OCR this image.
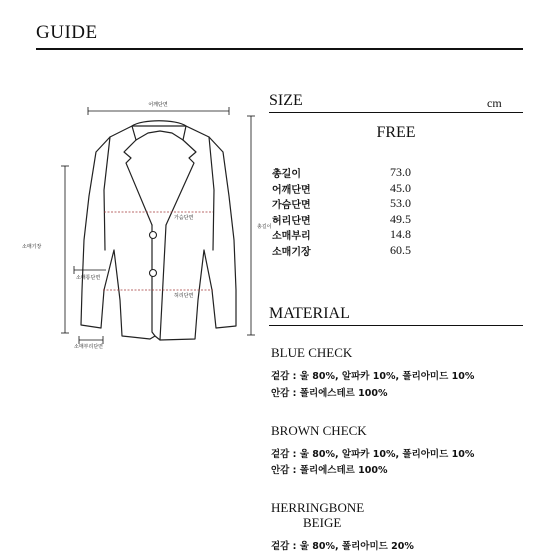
GUIDE
어깨단면
총길이
소매기장
가슴단면
허리단면
소매통단면
소매부리단면
SIZE	cm
FREE
총길이	73.0
어깨단면	45.0
가슴단면	53.0
허리단면	49.5
소매부리	14.8
소매기장	60.5
MATERIAL
BLUE CHECK
겉감 : 울 80%, 알파카 10%, 폴리아미드 10%
안감 : 폴리에스테르 100%
BROWN CHECK
겉감 : 울 80%, 알파카 10%, 폴리아미드 10%
안감 : 폴리에스테르 100%
HERRINGBONE
BEIGE
겉감 : 울 80%, 폴리아미드 20%
